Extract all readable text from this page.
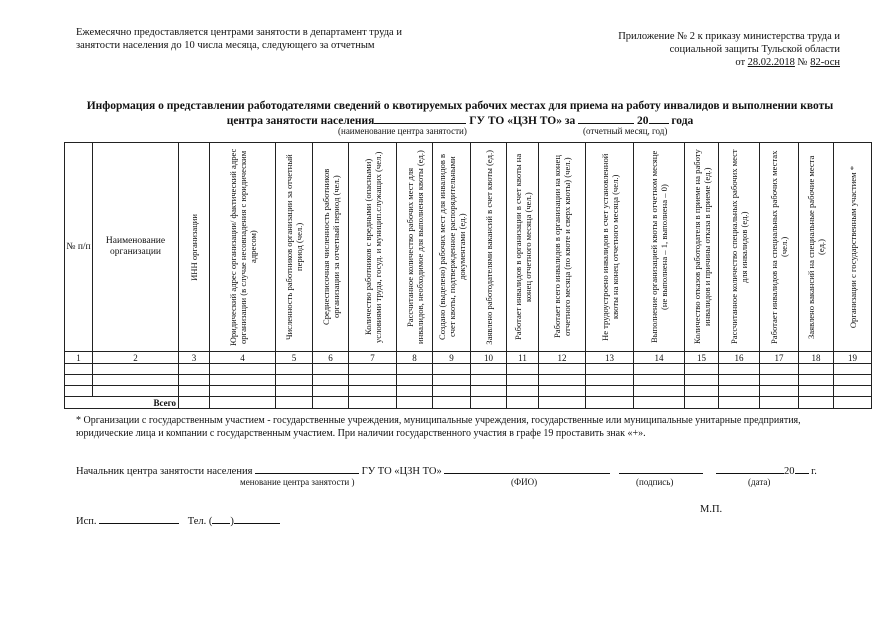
Ежемесячно предоставляется центрами занятости в департамент труда и занятости населения до 10 числа месяца, следующего за отчетным
Приложение № 2 к приказу министерства труда и
социальной защиты Тульской области
от 28.02.2018 № 82-осн
Информация о представлении работодателями сведений о квотируемых рабочих местах для приема на работу инвалидов и выполнении квоты
центра занятости населения	ГУ ТО «ЦЗН ТО» за	20 года
(наименование центра занятости)	(отчетный месяц, год)
№ п/п	Наименование организации	ИНН организации	Юридический адрес организации/ фактический адрес организации (в случае несовпадения с юридическим адресом)	Численность работников организации за отчетный период (чел.)	Среднесписочная численность работников организации за отчетный период (чел.)	Количество работников с вредными (опасными) условиями труда, госуд. и муницип.служащих (чел.)	Рассчитанное количество рабочих мест для инвалидов, необходимое для выполнения квоты (ед.)	Создано (выделено) рабочих мест для инвалидов в счет квоты, подтвержденное распорядительными документами (ед.)	Заявлено работодателями вакансий в счет квоты (ед.)	Работает инвалидов в организации в счет квоты на конец отчетного месяца (чел.)	Работает всего инвалидов в организации на конец отчетного месяца (по квоте и сверх квоты) (чел.)	Не трудоустроено инвалидов в счет установленной квоты на конец отчетного месяца (чел.)	Выполнение организацией квоты в отчетном месяце (не выполнена – 1, выполнена – 0)	Количество отказов работодателя в приеме на работу инвалидов и причины отказа в приеме (ед.)	Рассчитанное количество специальных рабочих мест для инвалидов (ед.)	Работает инвалидов на специальных рабочих местах (чел.)	Заявлено вакансий на специальные рабочие места (ед.)	Организации с государственным участием *

1	2	3	4	5	6	7	8	9	10	11	12	13	14	15	16	17	18	19

Всего																		
* Организации с государственным участием - государственные учреждения, муниципальные учреждения, государственные или муниципальные унитарные предприятия, юридические лица и компании с государственным участием. При наличии государственного участия в графе 19 проставить знак «+».
Начальник центра занятости населения	ГУ ТО «ЦЗН ТО»	20 г.
менование центра занятости )	(ФИО)	(подпись)	(дата)
М.П.
Исп.	Тел. ( )
